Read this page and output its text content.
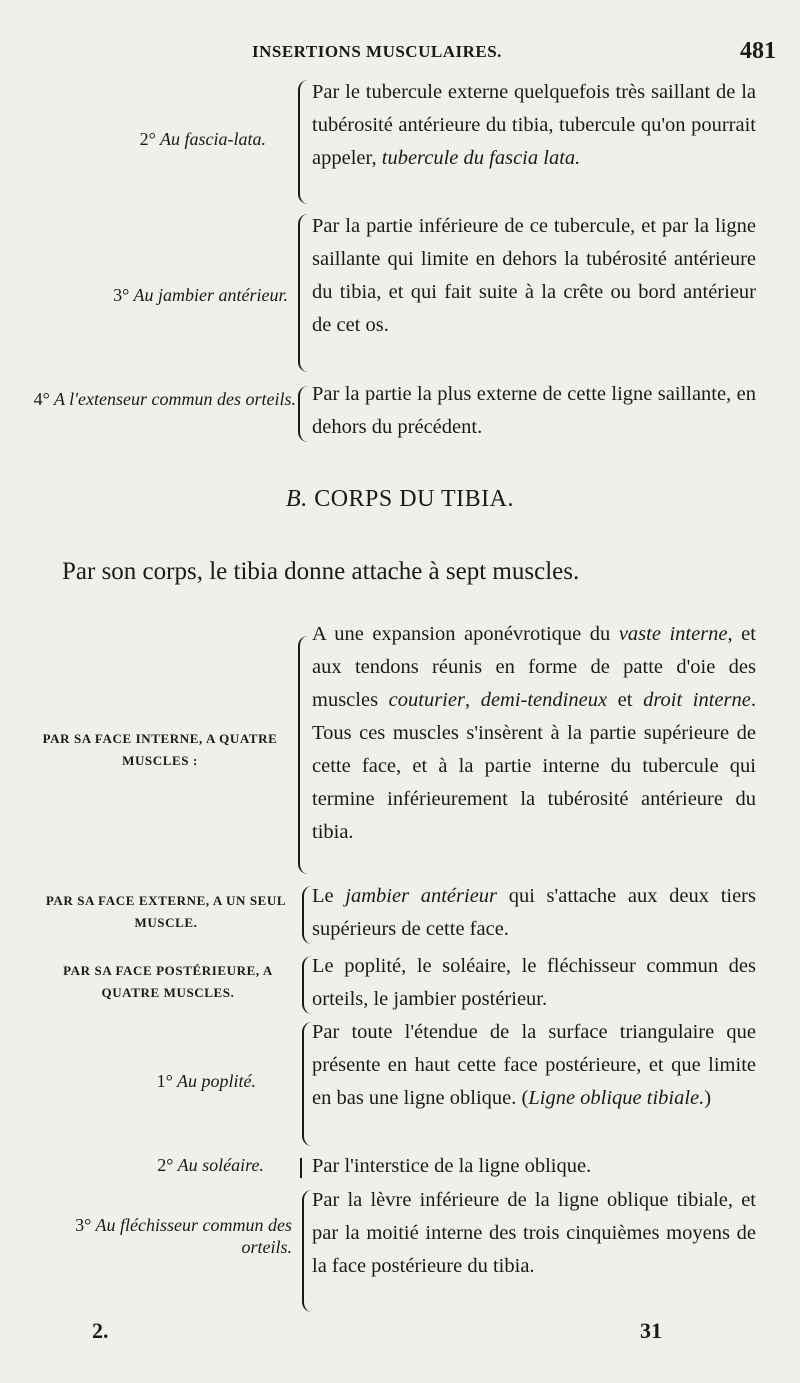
INSERTIONS MUSCULAIRES.	481
2° Au fascia-lata.
Par le tubercule externe quelquefois très saillant de la tubérosité antérieure du tibia, tubercule qu'on pourrait appeler, tubercule du fascia lata.
3° Au jambier antérieur.
Par la partie inférieure de ce tubercule, et par la ligne saillante qui limite en dehors la tubérosité antérieure du tibia, et qui fait suite à la crête ou bord antérieur de cet os.
4° A l'extenseur commun des orteils. Par la partie la plus externe de cette ligne saillante, en dehors du précédent.
B. CORPS DU TIBIA.
Par son corps, le tibia donne attache à sept muscles.
PAR SA FACE INTERNE, A QUATRE MUSCLES :
A une expansion aponévrotique du vaste interne, et aux tendons réunis en forme de patte d'oie des muscles couturier, demi-tendineux et droit interne. Tous ces muscles s'insèrent à la partie supérieure de cette face, et à la partie interne du tubercule qui termine inférieurement la tubérosité antérieure du tibia.
PAR SA FACE EXTERNE, A UN SEUL MUSCLE.
Le jambier antérieur qui s'attache aux deux tiers supérieurs de cette face.
PAR SA FACE POSTÉRIEURE, A QUATRE MUSCLES.
Le poplité, le soléaire, le fléchisseur commun des orteils, le jambier postérieur.
1° Au poplité.
Par toute l'étendue de la surface triangulaire que présente en haut cette face postérieure, et que limite en bas une ligne oblique. (Ligne oblique tibiale.)
2° Au soléaire. Par l'interstice de la ligne oblique.
3° Au fléchisseur commun des orteils.
Par la lèvre inférieure de la ligne oblique tibiale, et par la moitié interne des trois cinquièmes moyens de la face postérieure du tibia.
2.	31
